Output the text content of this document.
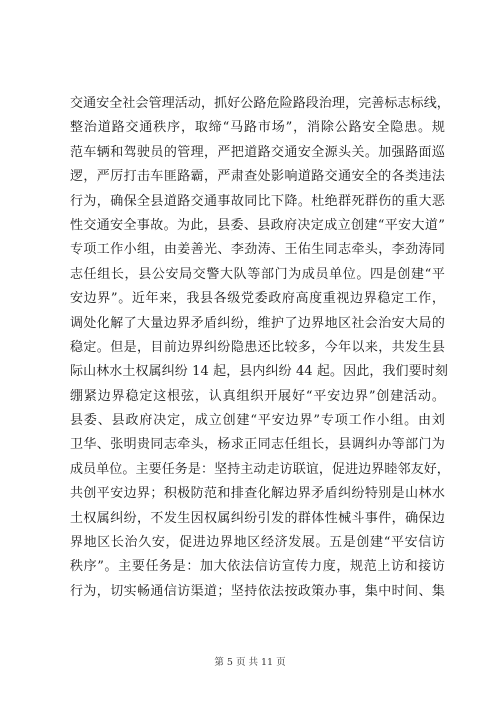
交通安全社会管理活动，抓好公路危险路段治理，完善标志标线，
整治道路交通秩序，取缔“马路市场”，消除公路安全隐患。规
范车辆和驾驶员的管理，严把道路交通安全源头关。加强路面巡
逻，严厉打击车匪路霸，严肃查处影响道路交通安全的各类违法
行为，确保全县道路交通事故同比下降。杜绝群死群伤的重大恶
性交通安全事故。为此，县委、县政府决定成立创建“平安大道”
专项工作小组，由姜善光、李劲涛、王佑生同志牵头，李劲涛同
志任组长，县公安局交警大队等部门为成员单位。四是创建“平
安边界”。近年来，我县各级党委政府高度重视边界稳定工作，
调处化解了大量边界矛盾纠纷，维护了边界地区社会治安大局的
稳定。但是，目前边界纠纷隐患还比较多，今年以来，共发生县
际山林水土权属纠纷 14 起，县内纠纷 44 起。因此，我们要时刻
绷紧边界稳定这根弦，认真组织开展好“平安边界”创建活动。
县委、县政府决定，成立创建“平安边界”专项工作小组。由刘
卫华、张明贵同志牵头，杨求正同志任组长，县调纠办等部门为
成员单位。主要任务是：坚持主动走访联谊，促进边界睦邻友好，
共创平安边界；积极防范和排查化解边界矛盾纠纷特别是山林水
土权属纠纷，不发生因权属纠纷引发的群体性械斗事件，确保边
界地区长治久安，促进边界地区经济发展。五是创建“平安信访
秩序”。主要任务是：加大依法信访宣传力度，规范上访和接访
行为，切实畅通信访渠道；坚持依法按政策办事，集中时间、集
第 5 页 共 11 页
